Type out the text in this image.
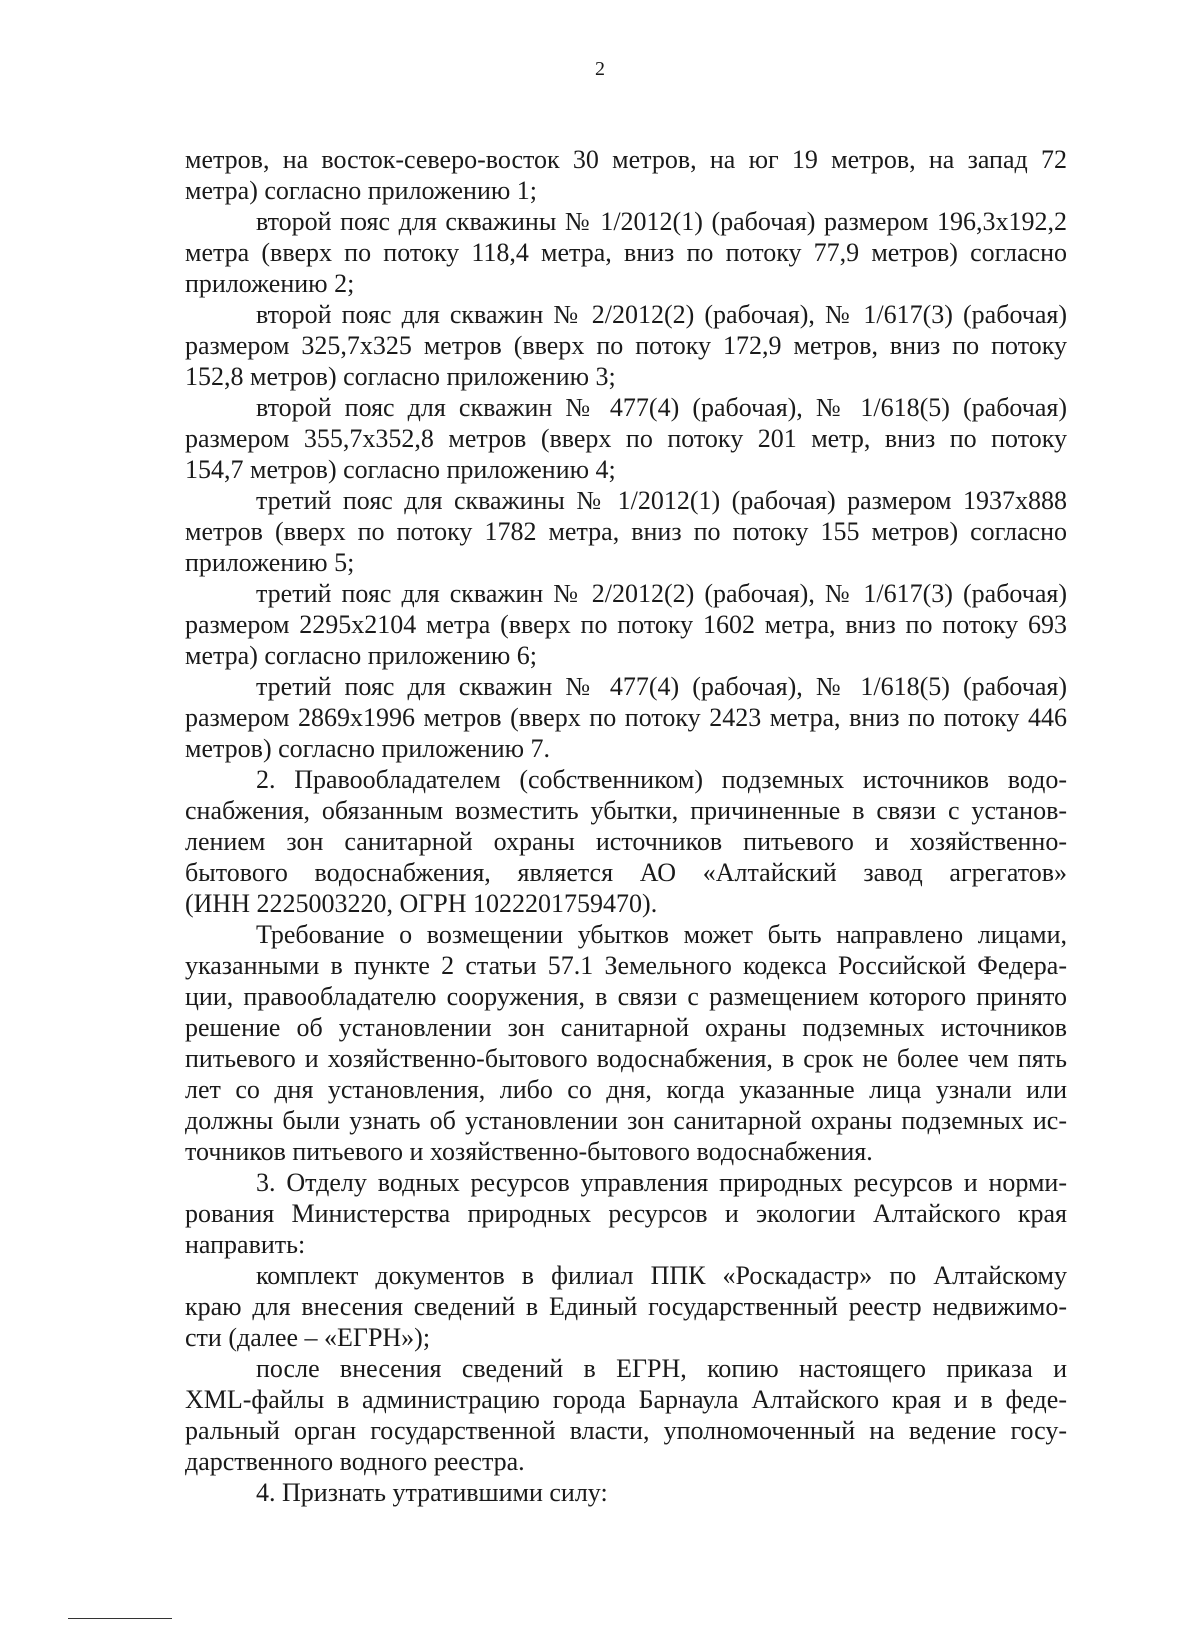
2
метров, на восток-северо-восток 30 метров, на юг 19 метров, на запад 72
метра) согласно приложению 1;
второй пояс для скважины № 1/2012(1) (рабочая) размером 196,3x192,2
метра (вверх по потоку 118,4 метра, вниз по потоку 77,9 метров) согласно
приложению 2;
второй пояс для скважин № 2/2012(2) (рабочая), № 1/617(3) (рабочая)
размером 325,7x325 метров (вверх по потоку 172,9 метров, вниз по потоку
152,8 метров) согласно приложению 3;
второй пояс для скважин № 477(4) (рабочая), № 1/618(5) (рабочая)
размером 355,7x352,8 метров (вверх по потоку 201 метр, вниз по потоку
154,7 метров) согласно приложению 4;
третий пояс для скважины № 1/2012(1) (рабочая) размером 1937x888
метров (вверх по потоку 1782 метра, вниз по потоку 155 метров) согласно
приложению 5;
третий пояс для скважин № 2/2012(2) (рабочая), № 1/617(3) (рабочая)
размером 2295x2104 метра (вверх по потоку 1602 метра, вниз по потоку 693
метра) согласно приложению 6;
третий пояс для скважин № 477(4) (рабочая), № 1/618(5) (рабочая)
размером 2869x1996 метров (вверх по потоку 2423 метра, вниз по потоку 446
метров) согласно приложению 7.
2. Правообладателем (собственником) подземных источников водо-
снабжения, обязанным возместить убытки, причиненные в связи с установ-
лением зон санитарной охраны источников питьевого и хозяйственно-
бытового водоснабжения, является АО «Алтайский завод агрегатов»
(ИНН 2225003220, ОГРН 1022201759470).
Требование о возмещении убытков может быть направлено лицами,
указанными в пункте 2 статьи 57.1 Земельного кодекса Российской Федера-
ции, правообладателю сооружения, в связи с размещением которого принято
решение об установлении зон санитарной охраны подземных источников
питьевого и хозяйственно-бытового водоснабжения, в срок не более чем пять
лет со дня установления, либо со дня, когда указанные лица узнали или
должны были узнать об установлении зон санитарной охраны подземных ис-
точников питьевого и хозяйственно-бытового водоснабжения.
3. Отделу водных ресурсов управления природных ресурсов и норми-
рования Министерства природных ресурсов и экологии Алтайского края
направить:
комплект документов в филиал ППК «Роскадастр» по Алтайскому
краю для внесения сведений в Единый государственный реестр недвижимо-
сти (далее – «ЕГРН»);
после внесения сведений в ЕГРН, копию настоящего приказа и
XML-файлы в администрацию города Барнаула Алтайского края и в феде-
ральный орган государственной власти, уполномоченный на ведение госу-
дарственного водного реестра.
4. Признать утратившими силу:
